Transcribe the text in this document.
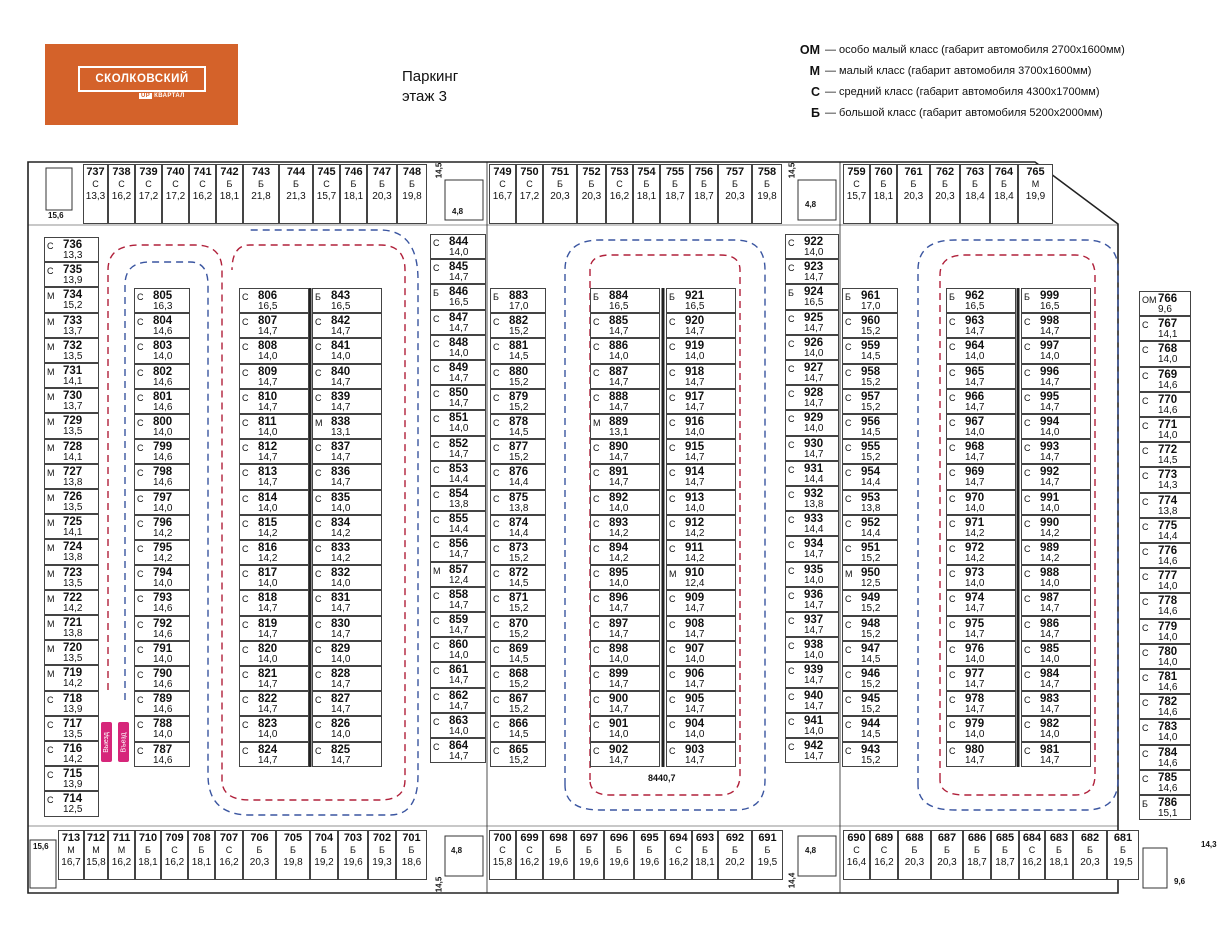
СКОЛКОВСКИЙ
UP КВАРТАЛ
Паркинг
этаж 3
ОМ — особо малый класс (габарит автомобиля 2700х1600мм)
М — малый класс (габарит автомобиля 3700х1600мм)
С — средний класс (габарит автомобиля 4300х1700мм)
Б — большой класс (габарит автомобиля 5200х2000мм)
Выезд Въезд
8440,7
15,6	4,8
14,5
4,8
14,5
15,6	4,8
14,5
4,8
14,4
14,3
9,6
737
С
13,3
738
С
16,2
739
С
17,2
740
С
17,2
741
С
16,2
742
Б
18,1
743
Б
21,8
744
Б
21,3
745
С
15,7
746
Б
18,1
747
Б
20,3
748
Б
19,8
749
С
16,7
750
С
17,2
751
Б
20,3
752
Б
20,3
753
С
16,2
754
Б
18,1
755
Б
18,7
756
Б
18,7
757
Б
20,3
758
Б
19,8
759
С
15,7
760
Б
18,1
761
Б
20,3
762
Б
20,3
763
Б
18,4
764
Б
18,4
765
М
19,9
713
М
16,7
712
М
15,8
711
М
16,2
710
Б
18,1
709
С
16,2
708
Б
18,1
707
С
16,2
706
Б
20,3
705
Б
19,8
704
Б
19,2
703
Б
19,6
702
Б
19,3
701
Б
18,6
700
С
15,8
699
С
16,2
698
Б
19,6
697
Б
19,6
696
Б
19,6
695
Б
19,6
694
С
16,2
693
Б
18,1
692
Б
20,2
691
Б
19,5
690
С
16,4
689
С
16,2
688
Б
20,3
687
Б
20,3
686
Б
18,7
685
Б
18,7
684
С
16,2
683
Б
18,1
682
Б
20,3
681
Б
19,5
736
С
13,3
735
С
13,9
734
М
15,2
733
М
13,7
732
М
13,5
731
М
14,1
730
М
13,7
729
М
13,5
728
М
14,1
727
М
13,8
726
М
13,5
725
М
14,1
724
М
13,8
723
М
13,5
722
М
14,2
721
М
13,8
720
М
13,5
719
М
14,2
718
С
13,9
717
С
13,5
716
С
14,2
715
С
13,9
714
С
12,5
805
С
16,3
804
С
14,6
803
С
14,0
802
С
14,6
801
С
14,6
800
С
14,0
799
С
14,6
798
С
14,6
797
С
14,0
796
С
14,2
795
С
14,2
794
С
14,0
793
С
14,6
792
С
14,6
791
С
14,0
790
С
14,6
789
С
14,6
788
С
14,0
787
С
14,6
806
С
16,5
807
С
14,7
808
С
14,0
809
С
14,7
810
С
14,7
811
С
14,0
812
С
14,7
813
С
14,7
814
С
14,0
815
С
14,2
816
С
14,2
817
С
14,0
818
С
14,7
819
С
14,7
820
С
14,0
821
С
14,7
822
С
14,7
823
С
14,0
824
С
14,7
843
Б
16,5
842
С
14,7
841
С
14,0
840
С
14,7
839
С
14,7
838
М
13,1
837
С
14,7
836
С
14,7
835
С
14,0
834
С
14,2
833
С
14,2
832
С
14,0
831
С
14,7
830
С
14,7
829
С
14,0
828
С
14,7
827
С
14,7
826
С
14,0
825
С
14,7
844
С
14,0
845
С
14,7
846
Б
16,5
847
С
14,7
848
С
14,0
849
С
14,7
850
С
14,7
851
С
14,0
852
С
14,7
853
С
14,4
854
С
13,8
855
С
14,4
856
С
14,7
857
М
12,4
858
С
14,7
859
С
14,7
860
С
14,0
861
С
14,7
862
С
14,7
863
С
14,0
864
С
14,7
883
Б
17,0
882
С
15,2
881
С
14,5
880
С
15,2
879
С
15,2
878
С
14,5
877
С
15,2
876
С
14,4
875
С
13,8
874
С
14,4
873
С
15,2
872
С
14,5
871
С
15,2
870
С
15,2
869
С
14,5
868
С
15,2
867
С
15,2
866
С
14,5
865
С
15,2
884
Б
16,5
885
С
14,7
886
С
14,0
887
С
14,7
888
С
14,7
889
М
13,1
890
С
14,7
891
С
14,7
892
С
14,0
893
С
14,2
894
С
14,2
895
С
14,0
896
С
14,7
897
С
14,7
898
С
14,0
899
С
14,7
900
С
14,7
901
С
14,0
902
С
14,7
921
Б
16,5
920
С
14,7
919
С
14,0
918
С
14,7
917
С
14,7
916
С
14,0
915
С
14,7
914
С
14,7
913
С
14,0
912
С
14,2
911
С
14,2
910
М
12,4
909
С
14,7
908
С
14,7
907
С
14,0
906
С
14,7
905
С
14,7
904
С
14,0
903
С
14,7
922
С
14,0
923
С
14,7
924
Б
16,5
925
С
14,7
926
С
14,0
927
С
14,7
928
С
14,7
929
С
14,0
930
С
14,7
931
С
14,4
932
С
13,8
933
С
14,4
934
С
14,7
935
С
14,0
936
С
14,7
937
С
14,7
938
С
14,0
939
С
14,7
940
С
14,7
941
С
14,0
942
С
14,7
961
Б
17,0
960
С
15,2
959
С
14,5
958
С
15,2
957
С
15,2
956
С
14,5
955
С
15,2
954
С
14,4
953
С
13,8
952
С
14,4
951
С
15,2
950
М
12,5
949
С
15,2
948
С
15,2
947
С
14,5
946
С
15,2
945
С
15,2
944
С
14,5
943
С
15,2
962
Б
16,5
963
С
14,7
964
С
14,0
965
С
14,7
966
С
14,7
967
С
14,0
968
С
14,7
969
С
14,7
970
С
14,0
971
С
14,2
972
С
14,2
973
С
14,0
974
С
14,7
975
С
14,7
976
С
14,0
977
С
14,7
978
С
14,7
979
С
14,0
980
С
14,7
999
Б
16,5
998
С
14,7
997
С
14,0
996
С
14,7
995
С
14,7
994
С
14,0
993
С
14,7
992
С
14,7
991
С
14,0
990
С
14,2
989
С
14,2
988
С
14,0
987
С
14,7
986
С
14,7
985
С
14,0
984
С
14,7
983
С
14,7
982
С
14,0
981
С
14,7
766
ОМ
9,6
767
С
14,1
768
С
14,0
769
С
14,6
770
С
14,6
771
С
14,0
772
С
14,5
773
С
14,3
774
С
13,8
775
С
14,4
776
С
14,6
777
С
14,0
778
С
14,6
779
С
14,0
780
С
14,0
781
С
14,6
782
С
14,6
783
С
14,0
784
С
14,6
785
С
14,6
786
Б
15,1
